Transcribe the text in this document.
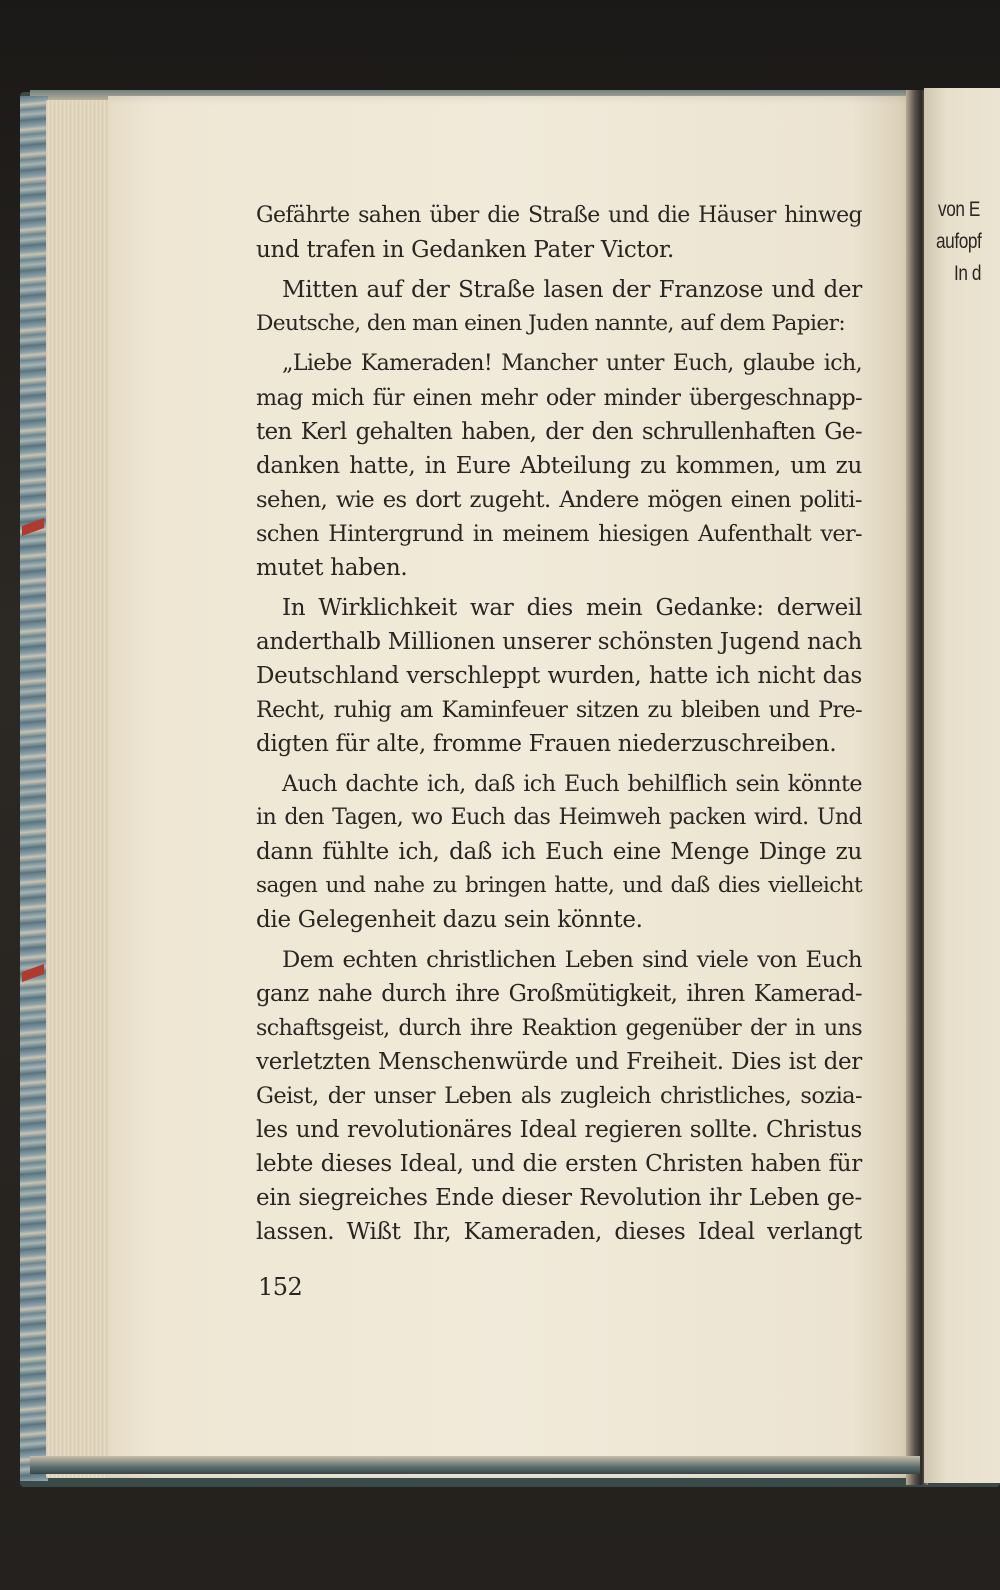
von E
aufopf
In d
Gefährte sahen über die Straße und die Häuser hinweg
und trafen in Gedanken Pater Victor.
Mitten auf der Straße lasen der Franzose und der
Deutsche, den man einen Juden nannte, auf dem Papier:
„Liebe Kameraden! Mancher unter Euch, glaube ich,
mag mich für einen mehr oder minder übergeschnapp-
ten Kerl gehalten haben, der den schrullenhaften Ge-
danken hatte, in Eure Abteilung zu kommen, um zu
sehen, wie es dort zugeht. Andere mögen einen politi-
schen Hintergrund in meinem hiesigen Aufenthalt ver-
mutet haben.
In Wirklichkeit war dies mein Gedanke: derweil
anderthalb Millionen unserer schönsten Jugend nach
Deutschland verschleppt wurden, hatte ich nicht das
Recht, ruhig am Kaminfeuer sitzen zu bleiben und Pre-
digten für alte, fromme Frauen niederzuschreiben.
Auch dachte ich, daß ich Euch behilflich sein könnte
in den Tagen, wo Euch das Heimweh packen wird. Und
dann fühlte ich, daß ich Euch eine Menge Dinge zu
sagen und nahe zu bringen hatte, und daß dies vielleicht
die Gelegenheit dazu sein könnte.
Dem echten christlichen Leben sind viele von Euch
ganz nahe durch ihre Großmütigkeit, ihren Kamerad-
schaftsgeist, durch ihre Reaktion gegenüber der in uns
verletzten Menschenwürde und Freiheit. Dies ist der
Geist, der unser Leben als zugleich christliches, sozia-
les und revolutionäres Ideal regieren sollte. Christus
lebte dieses Ideal, und die ersten Christen haben für
ein siegreiches Ende dieser Revolution ihr Leben ge-
lassen. Wißt Ihr, Kameraden, dieses Ideal verlangt
152
